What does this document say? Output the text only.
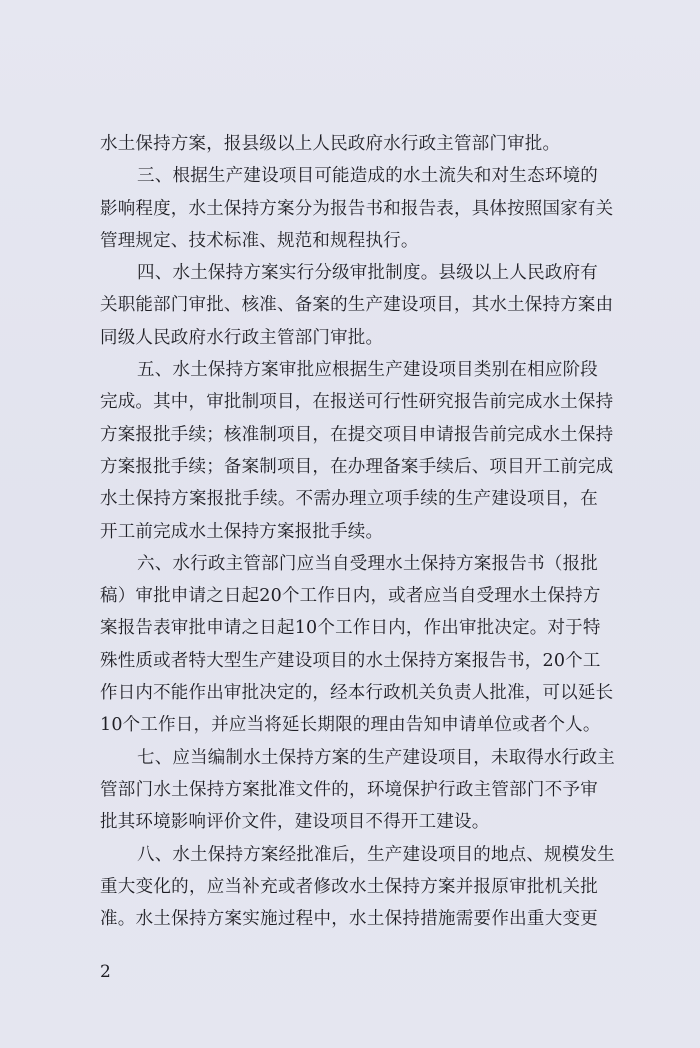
水土保持方案，报县级以上人民政府水行政主管部门审批。
三、根据生产建设项目可能造成的水土流失和对生态环境的
影响程度，水土保持方案分为报告书和报告表，具体按照国家有关
管理规定、技术标准、规范和规程执行。
四、水土保持方案实行分级审批制度。县级以上人民政府有
关职能部门审批、核准、备案的生产建设项目，其水土保持方案由
同级人民政府水行政主管部门审批。
五、水土保持方案审批应根据生产建设项目类别在相应阶段
完成。其中，审批制项目，在报送可行性研究报告前完成水土保持
方案报批手续；核准制项目，在提交项目申请报告前完成水土保持
方案报批手续；备案制项目，在办理备案手续后、项目开工前完成
水土保持方案报批手续。不需办理立项手续的生产建设项目，在
开工前完成水土保持方案报批手续。
六、水行政主管部门应当自受理水土保持方案报告书（报批
稿）审批申请之日起20个工作日内，或者应当自受理水土保持方
案报告表审批申请之日起10个工作日内，作出审批决定。对于特
殊性质或者特大型生产建设项目的水土保持方案报告书，20个工
作日内不能作出审批决定的，经本行政机关负责人批准，可以延长
10个工作日，并应当将延长期限的理由告知申请单位或者个人。
七、应当编制水土保持方案的生产建设项目，未取得水行政主
管部门水土保持方案批准文件的，环境保护行政主管部门不予审
批其环境影响评价文件，建设项目不得开工建设。
八、水土保持方案经批准后，生产建设项目的地点、规模发生
重大变化的，应当补充或者修改水土保持方案并报原审批机关批
准。水土保持方案实施过程中，水土保持措施需要作出重大变更
2
